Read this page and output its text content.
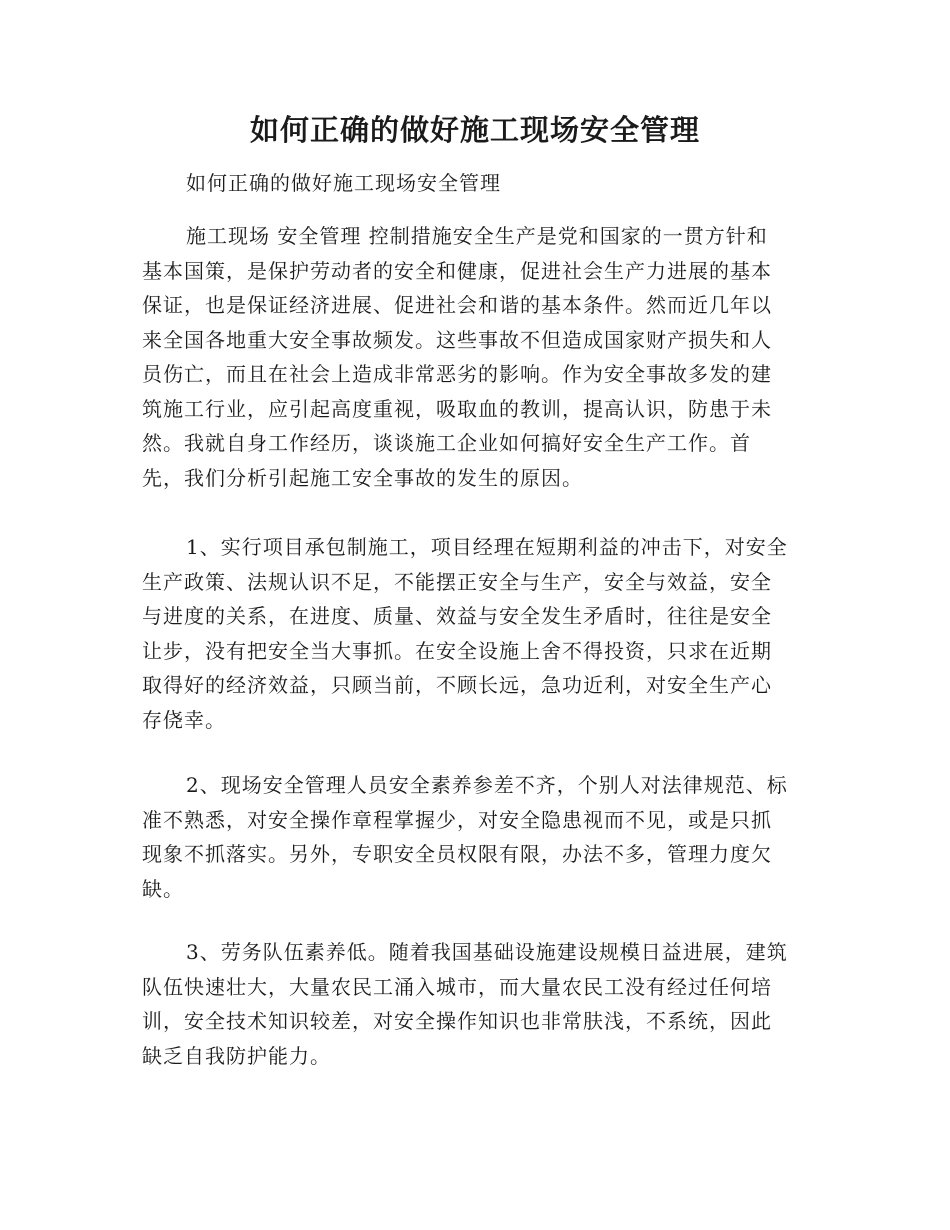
如何正确的做好施工现场安全管理
如何正确的做好施工现场安全管理
施工现场 安全管理 控制措施安全生产是党和国家的一贯方针和
基本国策，是保护劳动者的安全和健康，促进社会生产力进展的基本
保证，也是保证经济进展、促进社会和谐的基本条件。然而近几年以
来全国各地重大安全事故频发。这些事故不但造成国家财产损失和人
员伤亡，而且在社会上造成非常恶劣的影响。作为安全事故多发的建
筑施工行业，应引起高度重视，吸取血的教训，提高认识，防患于未
然。我就自身工作经历，谈谈施工企业如何搞好安全生产工作。首
先，我们分析引起施工安全事故的发生的原因。
1、实行项目承包制施工，项目经理在短期利益的冲击下，对安全
生产政策、法规认识不足，不能摆正安全与生产，安全与效益，安全
与进度的关系，在进度、质量、效益与安全发生矛盾时，往往是安全
让步，没有把安全当大事抓。在安全设施上舍不得投资，只求在近期
取得好的经济效益，只顾当前，不顾长远，急功近利，对安全生产心
存侥幸。
2、现场安全管理人员安全素养参差不齐，个别人对法律规范、标
准不熟悉，对安全操作章程掌握少，对安全隐患视而不见，或是只抓
现象不抓落实。另外，专职安全员权限有限，办法不多，管理力度欠
缺。
3、劳务队伍素养低。随着我国基础设施建设规模日益进展，建筑
队伍快速壮大，大量农民工涌入城市，而大量农民工没有经过任何培
训，安全技术知识较差，对安全操作知识也非常肤浅，不系统，因此
缺乏自我防护能力。
